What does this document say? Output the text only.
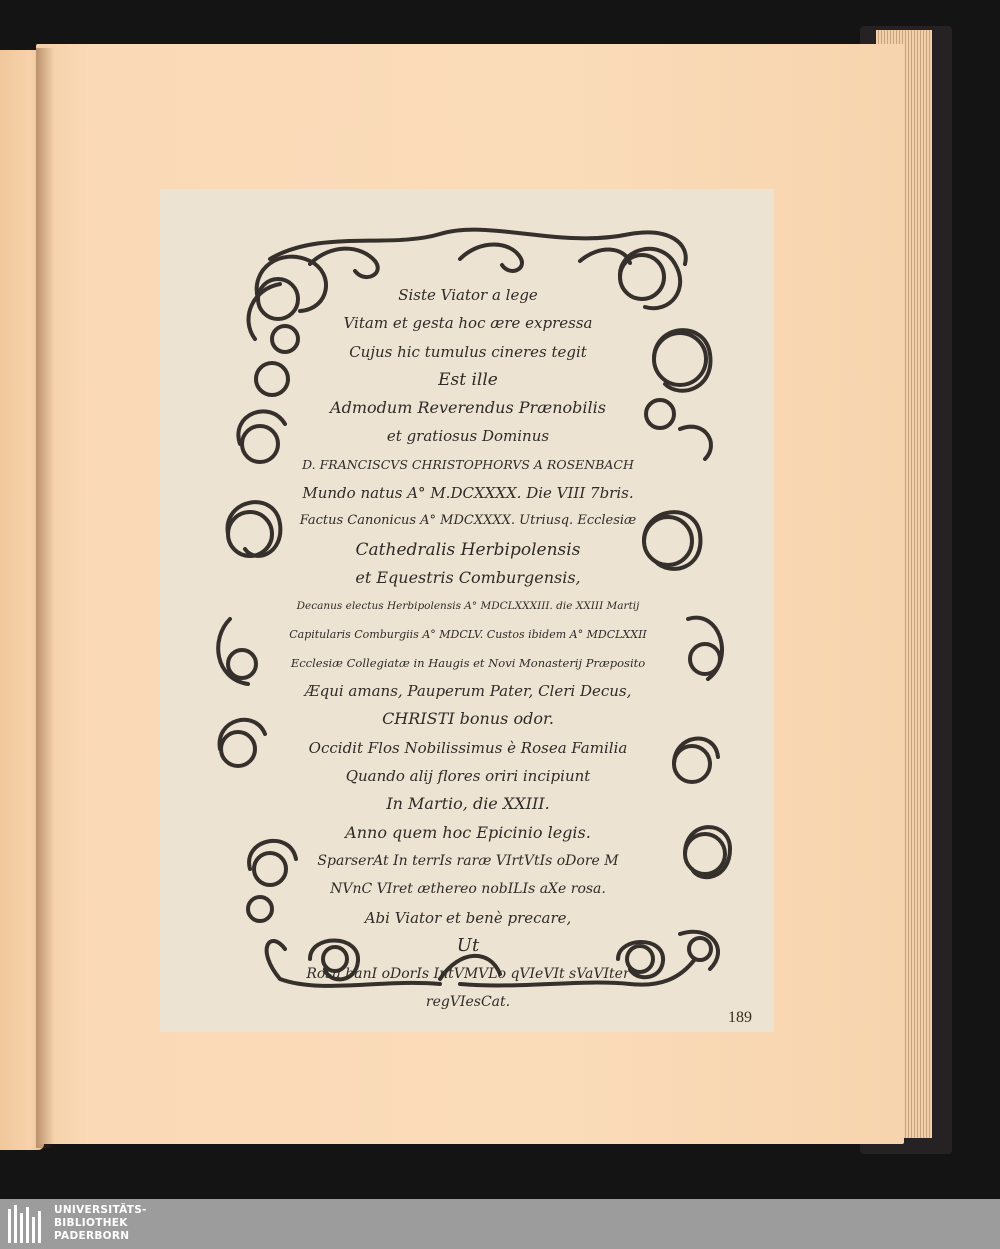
Siste Viator a lege
Vitam et gesta hoc ære expressa
Cujus hic tumulus cineres tegit
Est ille
Admodum Reverendus Prænobilis
et gratiosus Dominus
D. FRANCISCVS CHRISTOPHORVS A ROSENBACH
Mundo natus A° M.DCXXXX. Die VIII 7bris.
Factus Canonicus A° MDCXXXX. Utriusq. Ecclesiæ
Cathedralis Herbipolensis
et Equestris Comburgensis,
Decanus electus Herbipolensis A° MDCLXXXIII. die XXIII Martij
Capitularis Comburgiis A° MDCLV. Custos ibidem A° MDCLXXII
Ecclesiæ Collegiatæ in Haugis et Novi Monasterij Præposito
Æqui amans, Pauperum Pater, Cleri Decus,
CHRISTI bonus odor.
Occidit Flos Nobilissimus è Rosea Familia
Quando alij flores oriri incipiunt
In Martio, die XXIII.
Anno quem hoc Epicinio legis.
SparserAt In terrIs raræ VIrtVtIs oDore M
NVnC VIret æthereo nobILIs aXe rosa.
Abi Viator et benè precare,
Ut
Rosa banI oDorIs IntVMVLo qVIeVIt sVaVIter
regVIesCat.
189
UNIVERSITÄTS-
BIBLIOTHEK
PADERBORN
